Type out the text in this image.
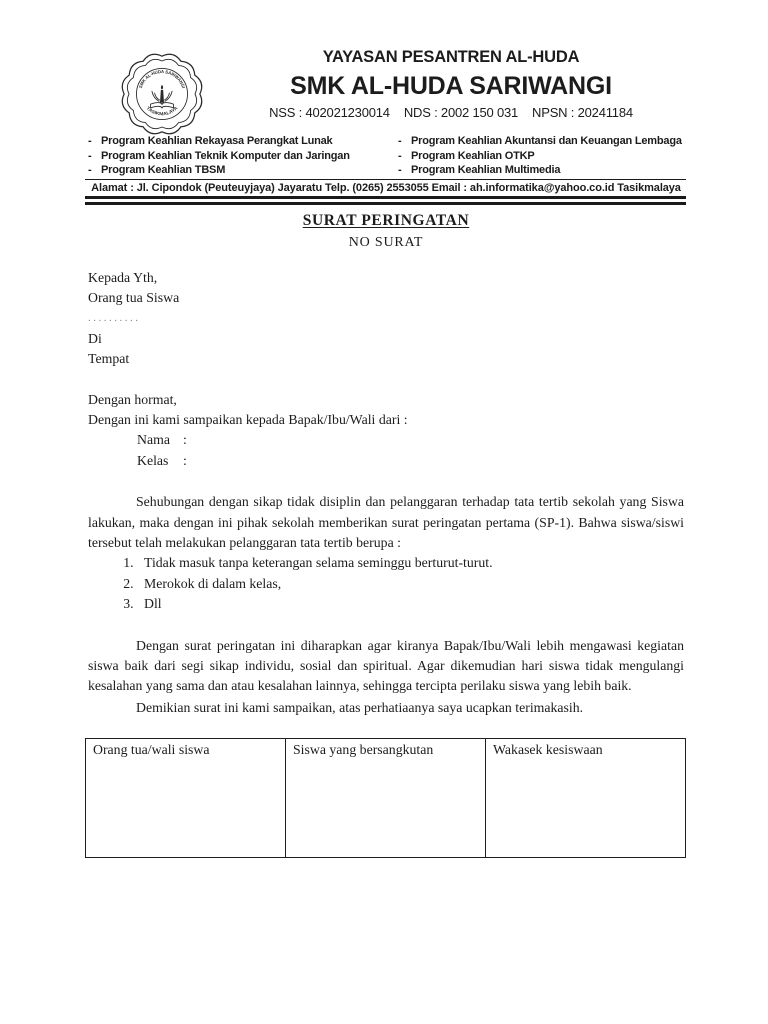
SMK AL-HUDA SARIWANGI
TASIKMALAYA
YAYASAN PESANTREN AL-HUDA
SMK AL-HUDA SARIWANGI
NSS : 402021230014 NDS : 2002 150 031 NPSN : 20241184
- Program Keahlian Rekayasa Perangkat Lunak
- Program Keahlian Teknik Komputer dan Jaringan
- Program Keahlian TBSM
- Program Keahlian Akuntansi dan Keuangan Lembaga
- Program Keahlian OTKP
- Program Keahlian Multimedia
Alamat : Jl. Cipondok (Peuteuyjaya) Jayaratu Telp. (0265) 2553055 Email : ah.informatika@yahoo.co.id Tasikmalaya
SURAT PERINGATAN
NO SURAT
Kepada Yth,
Orang tua Siswa
..........
Di
Tempat
Dengan hormat,
Dengan ini kami sampaikan kepada Bapak/Ibu/Wali dari :
Nama :
Kelas :
Sehubungan dengan sikap tidak disiplin dan pelanggaran terhadap tata tertib sekolah yang Siswa lakukan, maka dengan ini pihak sekolah memberikan surat peringatan pertama (SP-1). Bahwa siswa/siswi tersebut telah melakukan pelanggaran tata tertib berupa :
1. Tidak masuk tanpa keterangan selama seminggu berturut-turut.
2. Merokok di dalam kelas,
3. Dll
Dengan surat peringatan ini diharapkan agar kiranya Bapak/Ibu/Wali lebih mengawasi kegiatan siswa baik dari segi sikap individu, sosial dan spiritual. Agar dikemudian hari siswa tidak mengulangi kesalahan yang sama dan atau kesalahan lainnya, sehingga tercipta perilaku siswa yang lebih baik.
Demikian surat ini kami sampaikan, atas perhatiaanya saya ucapkan terimakasih.
Orang tua/wali siswa	Siswa yang bersangkutan	Wakasek kesiswaan
